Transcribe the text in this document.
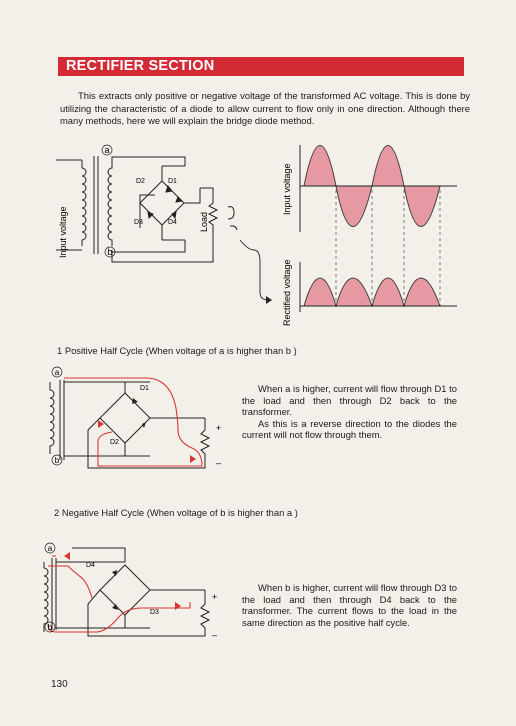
RECTIFIER SECTION

This extracts only positive or negative voltage of the transformed AC voltage. This is done by utilizing the characteristic of a diode to allow current to flow only in one direction. Although there many methods, here we will explain the bridge diode method.

a
b
D2	D1
D3	D4
Input voltage	Load
Input voltage
Rectified voltage
1 Positive Half Cycle (When voltage of a is higher than b )
a
b
D1
D2
+
–

When a is higher, current will flow through D1 to the load and then through D2 back to the transformer.

As this is a reverse direction to the diodes the current will not flow through them.

2 Negative Half Cycle (When voltage of b is higher than a )
a
b
D4
D3
+
–

When b is higher, current will flow through D3 to the load and then through D4 back to the transformer. The current flows to the load in the same direction as the positive half cycle.

130
